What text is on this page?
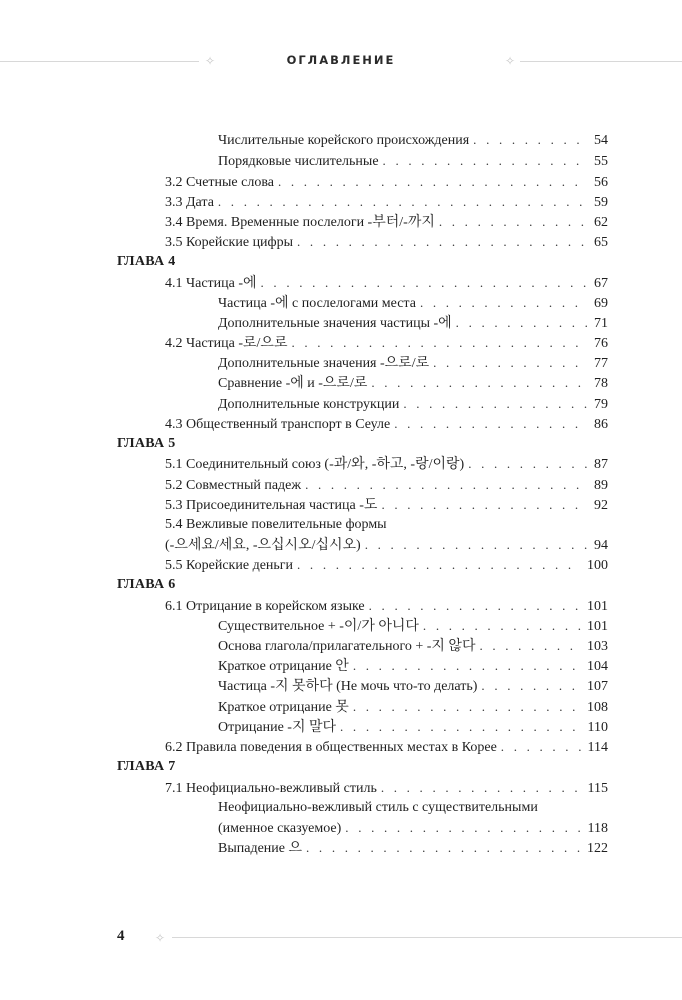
✧	ОГЛАВЛЕНИЕ	✧
Числительные корейского происхождения . . .	54
Порядковые числительные . . .	55
3.2 Счетные слова . . .	56
3.3 Дата . . .	59
3.4 Время. Временные послелоги -부터/-까지 . . .	62
3.5 Корейские цифры . . .	65
ГЛАВА 4
4.1 Частица -에 . . .	67
Частица -에 с послелогами места . . .	69
Дополнительные значения частицы -에 . . .	71
4.2 Частица -로/으로 . . .	76
Дополнительные значения -으로/로 . . .	77
Сравнение -에 и -으로/로 . . .	78
Дополнительные конструкции . . .	79
4.3 Общественный транспорт в Сеуле . . .	86
ГЛАВА 5
5.1 Соединительный союз (-과/와, -하고, -랑/이랑) . . .	87
5.2 Совместный падеж . . .	89
5.3 Присоединительная частица -도 . . .	92
5.4 Вежливые повелительные формы
(-으세요/세요, -으십시오/십시오) . . .	94
5.5 Корейские деньги . . .	100
ГЛАВА 6
6.1 Отрицание в корейском языке . . .	101
Существительное + -이/가 아니다 . . .	101
Основа глагола/прилагательного + -지 않다 . . .	103
Краткое отрицание 안 . . .	104
Частица -지 못하다 (Не мочь что-то делать) . . .	107
Краткое отрицание 못 . . .	108
Отрицание -지 말다 . . .	110
6.2 Правила поведения в общественных местах в Корее . . .	114
ГЛАВА 7
7.1 Неофициально-вежливый стиль . . .	115
Неофициально-вежливый стиль с существительными
(именное сказуемое) . . .	118
Выпадение 으 . . .	122
4	✧
